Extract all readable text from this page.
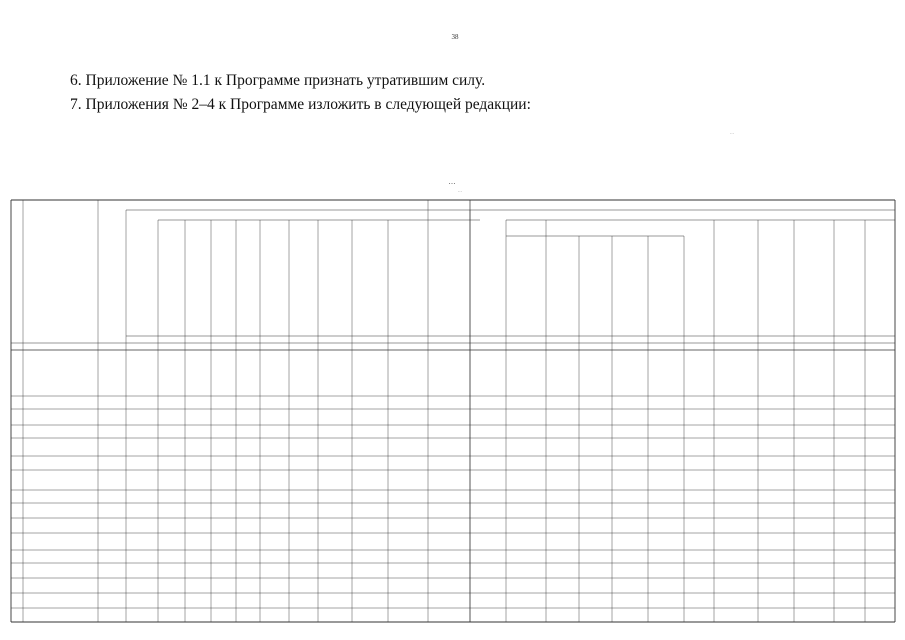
38
6. Приложение № 1.1 к Программе признать утратившим силу.
7. Приложения № 2–4 к Программе изложить в следующей редакции:
…
…
…
